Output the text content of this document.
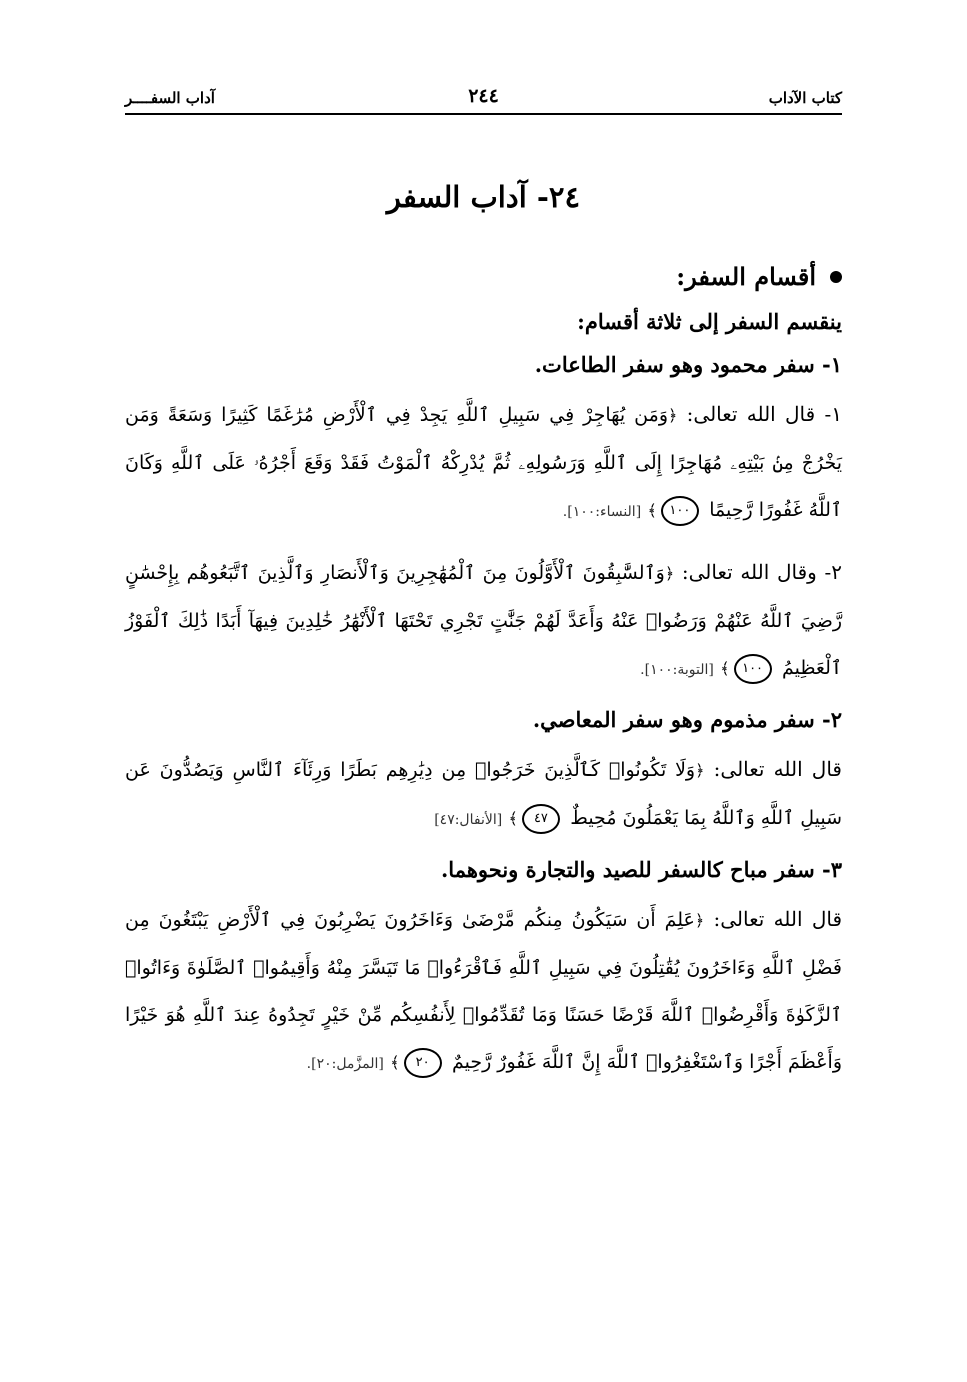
كتاب الآداب
٢٤٤
آداب السفــــر
٢٤- آداب السفر
أقسام السفر:
ينقسم السفر إلى ثلاثة أقسام:
١- سفر محمود وهو سفر الطاعات.

١- قال الله تعالى: ﴿وَمَن يُهَاجِرْ فِي سَبِيلِ ٱللَّهِ يَجِدْ فِي ٱلْأَرْضِ مُرَٰغَمًا كَثِيرًا وَسَعَةً وَمَن يَخْرُجْ مِنۢ بَيْتِهِۦ مُهَاجِرًا إِلَى ٱللَّهِ وَرَسُولِهِۦ ثُمَّ يُدْرِكْهُ ٱلْمَوْتُ فَقَدْ وَقَعَ أَجْرُهُۥ عَلَى ٱللَّهِ وَكَانَ ٱللَّهُ غَفُورًا رَّحِيمًا ١٠٠﴾ [النساء:١٠٠].

٢- وقال الله تعالى: ﴿وَٱلسَّٰبِقُونَ ٱلْأَوَّلُونَ مِنَ ٱلْمُهَٰجِرِينَ وَٱلْأَنصَارِ وَٱلَّذِينَ ٱتَّبَعُوهُم بِإِحْسَٰنٍ رَّضِيَ ٱللَّهُ عَنْهُمْ وَرَضُوا۟ عَنْهُ وَأَعَدَّ لَهُمْ جَنَّٰتٍ تَجْرِي تَحْتَهَا ٱلْأَنْهَٰرُ خَٰلِدِينَ فِيهَآ أَبَدًا ذَٰلِكَ ٱلْفَوْزُ ٱلْعَظِيمُ ١٠٠﴾ [التوبة:١٠٠].

٢- سفر مذموم وهو سفر المعاصي.

قال الله تعالى: ﴿وَلَا تَكُونُوا۟ كَٱلَّذِينَ خَرَجُوا۟ مِن دِيَٰرِهِم بَطَرًا وَرِئَآءَ ٱلنَّاسِ وَيَصُدُّونَ عَن سَبِيلِ ٱللَّهِ وَٱللَّهُ بِمَا يَعْمَلُونَ مُحِيطٌ ٤٧﴾ [الأنفال:٤٧]

٣- سفر مباح كالسفر للصيد والتجارة ونحوهما.

قال الله تعالى: ﴿عَلِمَ أَن سَيَكُونُ مِنكُم مَّرْضَىٰ وَءَاخَرُونَ يَضْرِبُونَ فِي ٱلْأَرْضِ يَبْتَغُونَ مِن فَضْلِ ٱللَّهِ وَءَاخَرُونَ يُقَٰتِلُونَ فِي سَبِيلِ ٱللَّهِ فَٱقْرَءُوا۟ مَا تَيَسَّرَ مِنْهُ وَأَقِيمُوا۟ ٱلصَّلَوٰةَ وَءَاتُوا۟ ٱلزَّكَوٰةَ وَأَقْرِضُوا۟ ٱللَّهَ قَرْضًا حَسَنًا وَمَا تُقَدِّمُوا۟ لِأَنفُسِكُم مِّنْ خَيْرٍ تَجِدُوهُ عِندَ ٱللَّهِ هُوَ خَيْرًا وَأَعْظَمَ أَجْرًا وَٱسْتَغْفِرُوا۟ ٱللَّهَ إِنَّ ٱللَّهَ غَفُورٌ رَّحِيمٌ ٢٠﴾ [المزَّمل:٢٠].
